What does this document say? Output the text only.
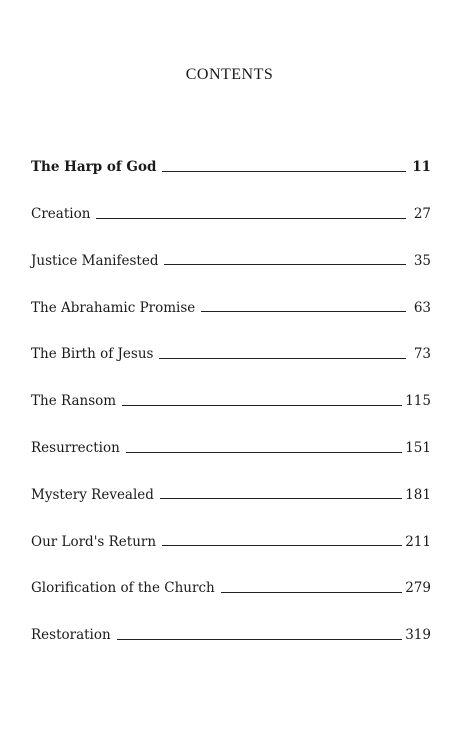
CONTENTS
The Harp of God	11
Creation	27
Justice Manifested	35
The Abrahamic Promise	63
The Birth of Jesus	73
The Ransom	115
Resurrection	151
Mystery Revealed	181
Our Lord's Return	211
Glorification of the Church	279
Restoration	319
